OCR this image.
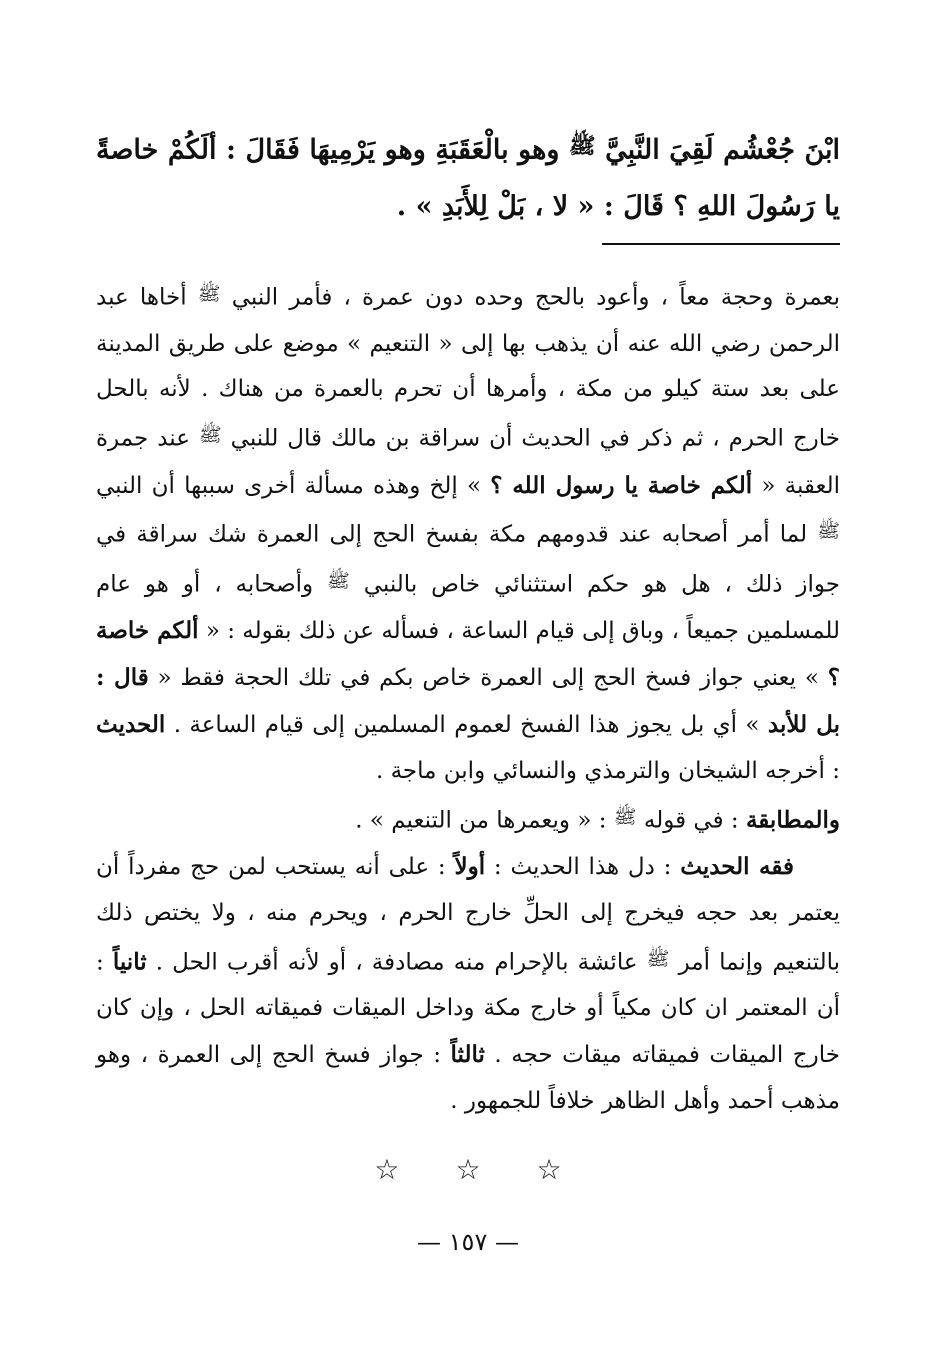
ابْنَ جُعْشُم لَقِيَ النَّبِيَّ $^ﷺ$ وهو بالْعَقَبَةِ وهو يَرْمِيهَا فَقَالَ : ألَكُمْ خاصةً يا رَسُولَ اللهِ ؟ قَالَ : « لا ، بَلْ لِلأَبَدِ » .

بعمرة وحجة معاً ، وأعود بالحج وحده دون عمرة ، فأمر النبي $^ﷺ$ أخاها عبد الرحمن رضي الله عنه أن يذهب بها إلى « التنعيم » موضع على طريق المدينة على بعد ستة كيلو من مكة ، وأمرها أن تحرم بالعمرة من هناك . لأنه بالحل خارج الحرم ، ثم ذكر في الحديث أن سراقة بن مالك قال للنبي $^ﷺ$ عند جمرة العقبة « ألكم خاصة يا رسول الله ؟ » إلخ وهذه مسألة أخرى سببها أن النبي $^ﷺ$ لما أمر أصحابه عند قدومهم مكة بفسخ الحج إلى العمرة شك سراقة في جواز ذلك ، هل هو حكم استثنائي خاص بالنبي $^ﷺ$ وأصحابه ، أو هو عام للمسلمين جميعاً ، وباق إلى قيام الساعة ، فسأله عن ذلك بقوله : « ألكم خاصة ؟ » يعني جواز فسخ الحج إلى العمرة خاص بكم في تلك الحجة فقط « قال : بل للأبد » أي بل يجوز هذا الفسخ لعموم المسلمين إلى قيام الساعة . الحديث : أخرجه الشيخان والترمذي والنسائي وابن ماجة .

والمطابقة : في قوله $^ﷺ$ : « ويعمرها من التنعيم » .

فقه الحديث : دل هذا الحديث : أولاً : على أنه يستحب لمن حج مفرداً أن يعتمر بعد حجه فيخرج إلى الحلِّ خارج الحرم ، ويحرم منه ، ولا يختص ذلك بالتنعيم وإنما أمر $^ﷺ$ عائشة بالإحرام منه مصادفة ، أو لأنه أقرب الحل . ثانياً : أن المعتمر ان كان مكياً أو خارج مكة وداخل الميقات فميقاته الحل ، وإن كان خارج الميقات فميقاته ميقات حجه . ثالثاً : جواز فسخ الحج إلى العمرة ، وهو مذهب أحمد وأهل الظاهر خلافاً للجمهور .

☆ ☆ ☆
— ١٥٧ —
